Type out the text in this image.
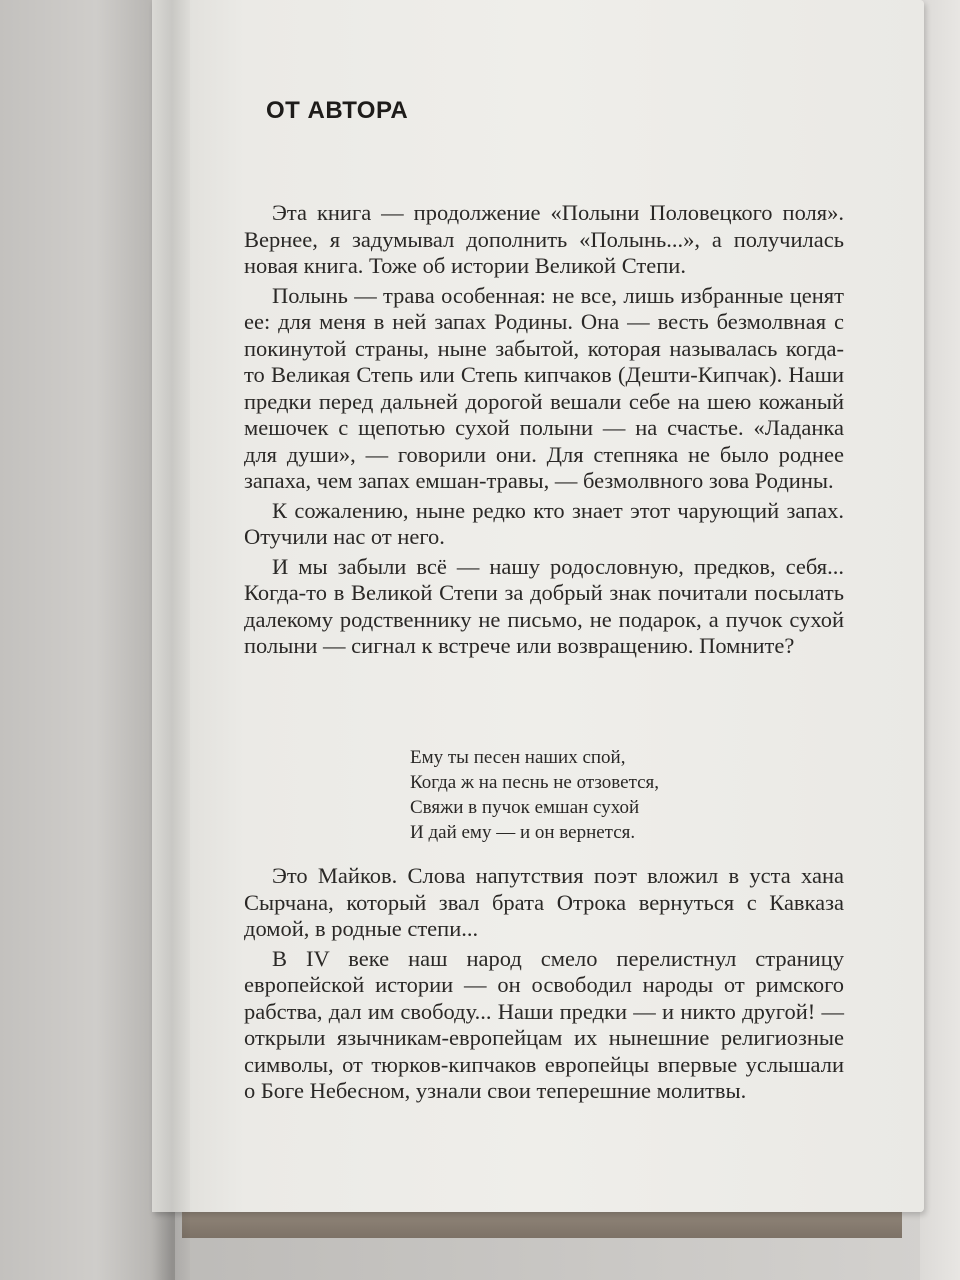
ОТ АВТОРА

Эта книга — продолжение «Полыни Половецкого поля». Вернее, я задумывал дополнить «Полынь...», а получилась новая книга. Тоже об истории Великой Степи.

Полынь — трава особенная: не все, лишь избранные ценят ее: для меня в ней запах Родины. Она — весть безмолвная с покинутой страны, ныне забытой, которая называлась когда-то Великая Степь или Степь кипчаков (Дешти-Кипчак). Наши предки перед дальней дорогой вешали себе на шею кожаный мешочек с щепотью сухой полыни — на счастье. «Ладанка для души», — говорили они. Для степняка не было роднее запаха, чем запах емшан-травы, — безмолвного зова Родины.

К сожалению, ныне редко кто знает этот чарующий запах. Отучили нас от него.

И мы забыли всё — нашу родословную, предков, себя... Когда-то в Великой Степи за добрый знак почитали посылать далекому родственнику не письмо, не подарок, а пучок сухой полыни — сигнал к встрече или возвращению. Помните?

Ему ты песен наших спой,
Когда ж на песнь не отзовется,
Свяжи в пучок емшан сухой
И дай ему — и он вернется.

Это Майков. Слова напутствия поэт вложил в уста хана Сырчана, который звал брата Отрока вернуться с Кавказа домой, в родные степи...

В IV веке наш народ смело перелистнул страницу европейской истории — он освободил народы от римского рабства, дал им свободу... Наши предки — и никто другой! — открыли язычникам-европейцам их нынешние религиозные символы, от тюрков-кипчаков европейцы впервые услышали о Боге Небесном, узнали свои теперешние молитвы.
